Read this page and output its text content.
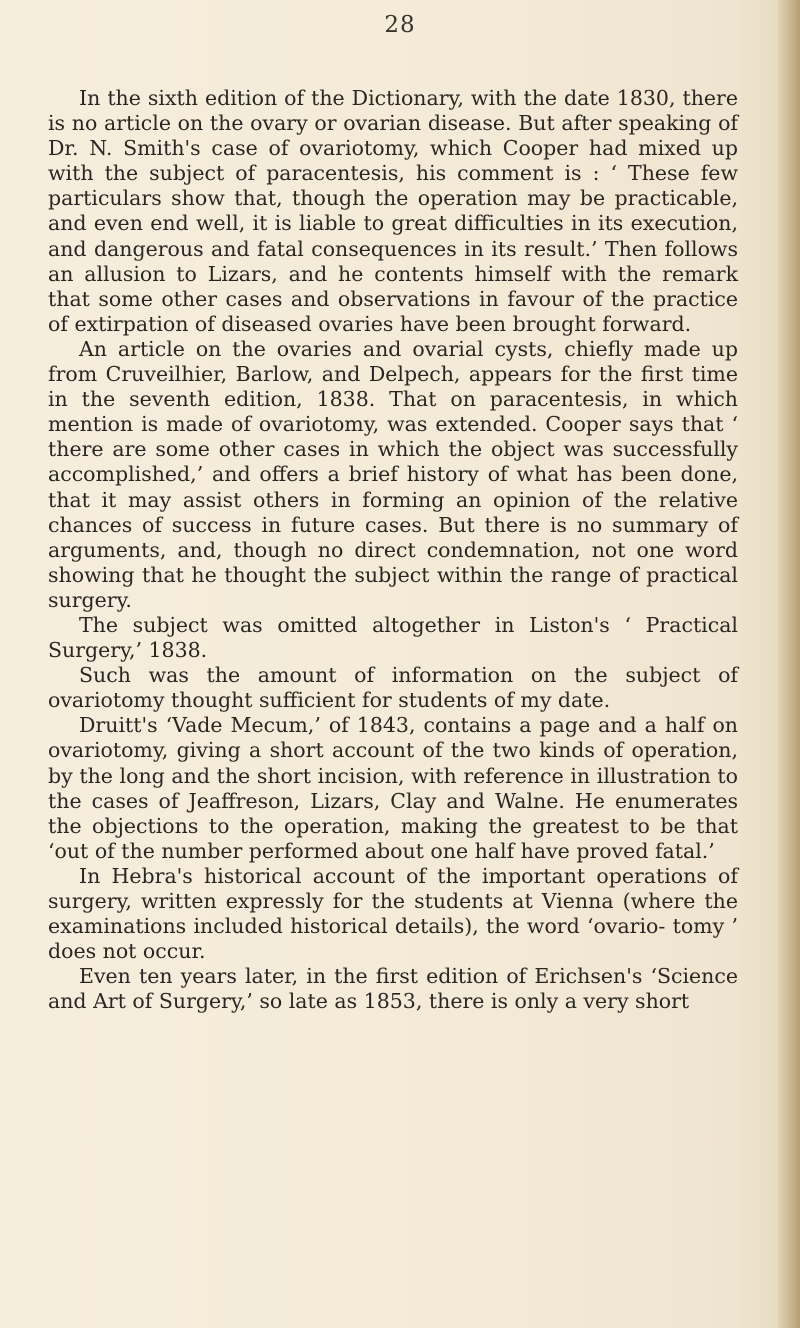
28

In the sixth edition of the Dictionary, with the date 1830, there is no article on the ovary or ovarian disease. But after speaking of Dr. N. Smith's case of ovariotomy, which Cooper had mixed up with the subject of paracentesis, his comment is : ‘ These few particulars show that, though the operation may be practicable, and even end well, it is liable to great difficulties in its execution, and dangerous and fatal consequences in its result.’ Then follows an allusion to Lizars, and he contents himself with the remark that some other cases and observations in favour of the practice of extirpation of diseased ovaries have been brought forward.

An article on the ovaries and ovarial cysts, chiefly made up from Cruveilhier, Barlow, and Delpech, appears for the first time in the seventh edition, 1838. That on paracentesis, in which mention is made of ovariotomy, was extended. Cooper says that ‘ there are some other cases in which the object was successfully accomplished,’ and offers a brief history of what has been done, that it may assist others in forming an opinion of the relative chances of success in future cases. But there is no summary of arguments, and, though no direct condemnation, not one word showing that he thought the subject within the range of practical surgery.

The subject was omitted altogether in Liston's ‘ Practical Surgery,’ 1838.

Such was the amount of information on the subject of ovariotomy thought sufficient for students of my date.

Druitt's ‘Vade Mecum,’ of 1843, contains a page and a half on ovariotomy, giving a short account of the two kinds of operation, by the long and the short incision, with reference in illustration to the cases of Jeaffreson, Lizars, Clay and Walne. He enumerates the objections to the operation, making the greatest to be that ‘out of the number performed about one half have proved fatal.’

In Hebra's historical account of the important operations of surgery, written expressly for the students at Vienna (where the examinations included historical details), the word ‘ovario- tomy ’ does not occur.

Even ten years later, in the first edition of Erichsen's ‘Science and Art of Surgery,’ so late as 1853, there is only a very short
